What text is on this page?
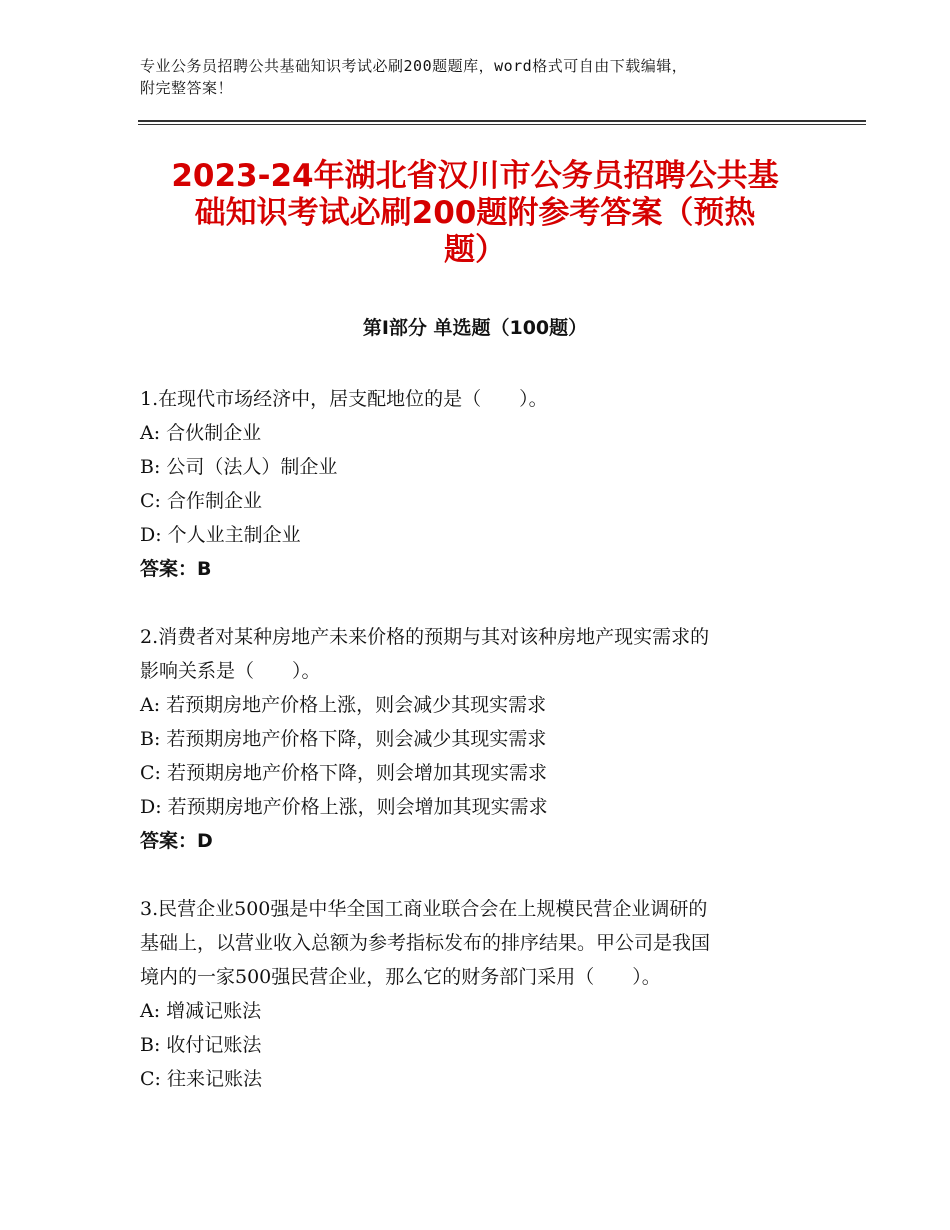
专业公务员招聘公共基础知识考试必刷200题题库，word格式可自由下载编辑，
附完整答案！
2023-24年湖北省汉川市公务员招聘公共基
础知识考试必刷200题附参考答案（预热
题）
第Ⅰ部分 单选题（100题）

1.在现代市场经济中，居支配地位的是（　　）。

A: 合伙制企业

B: 公司（法人）制企业

C: 合作制企业

D: 个人业主制企业

答案：B

2.消费者对某种房地产未来价格的预期与其对该种房地产现实需求的

影响关系是（　　）。

A: 若预期房地产价格上涨，则会减少其现实需求

B: 若预期房地产价格下降，则会减少其现实需求

C: 若预期房地产价格下降，则会增加其现实需求

D: 若预期房地产价格上涨，则会增加其现实需求

答案：D

3.民营企业500强是中华全国工商业联合会在上规模民营企业调研的

基础上，以营业收入总额为参考指标发布的排序结果。甲公司是我国

境内的一家500强民营企业，那么它的财务部门采用（　　）。

A: 增减记账法

B: 收付记账法

C: 往来记账法
